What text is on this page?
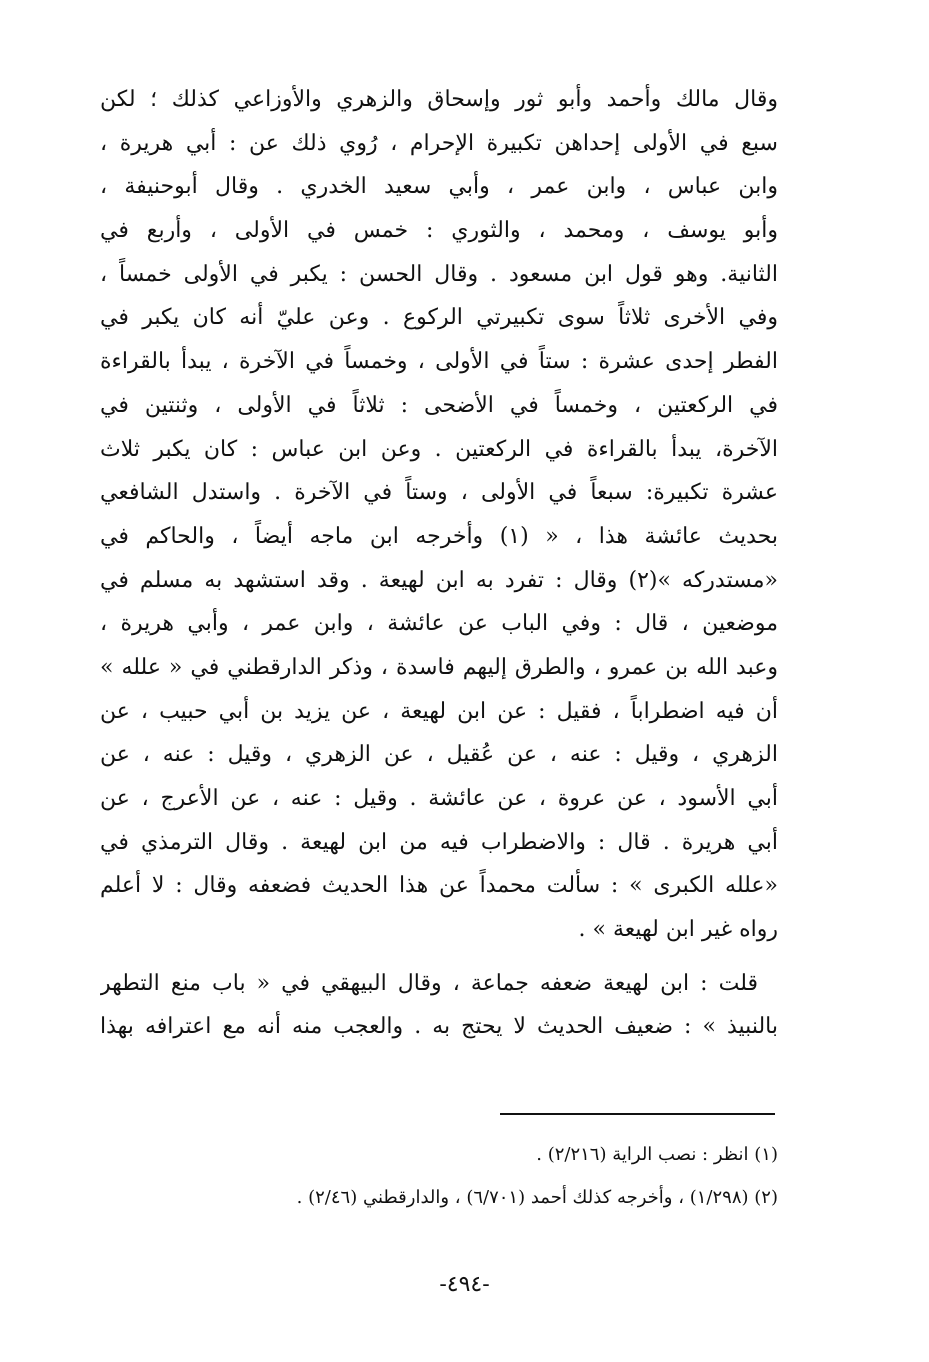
وقال مالك وأحمد وأبو ثور وإسحاق والزهري والأوزاعي كذلك ؛ لكن
سبع في الأولى إحداهن تكبيرة الإحرام ، رُوي ذلك عن : أبي هريرة ،
وابن عباس ، وابن عمر ، وأبي سعيد الخدري . وقال أبوحنيفة ،
وأبو يوسف ، ومحمد ، والثوري : خمس في الأولى ، وأربع في
الثانية. وهو قول ابن مسعود . وقال الحسن : يكبر في الأولى خمساً ،
وفي الأخرى ثلاثاً سوى تكبيرتي الركوع . وعن عليّ أنه كان يكبر في
الفطر إحدى عشرة : ستاً في الأولى ، وخمساً في الآخرة ، يبدأ بالقراءة
في الركعتين ، وخمساً في الأضحى : ثلاثاً في الأولى ، وثنتين في
الآخرة، يبدأ بالقراءة في الركعتين . وعن ابن عباس : كان يكبر ثلاث
عشرة تكبيرة: سبعاً في الأولى ، وستاً في الآخرة . واستدل الشافعي
بحديث عائشة هذا ، « (١) وأخرجه ابن ماجه أيضاً ، والحاكم في
«مستدركه »(٢) وقال : تفرد به ابن لهيعة . وقد استشهد به مسلم في
موضعين ، قال : وفي الباب عن عائشة ، وابن عمر ، وأبي هريرة ،
وعبد الله بن عمرو ، والطرق إليهم فاسدة ، وذكر الدارقطني في « علله »
أن فيه اضطراباً ، فقيل : عن ابن لهيعة ، عن يزيد بن أبي حبيب ، عن
الزهري ، وقيل : عنه ، عن عُقيل ، عن الزهري ، وقيل : عنه ، عن
أبي الأسود ، عن عروة ، عن عائشة . وقيل : عنه ، عن الأعرج ، عن
أبي هريرة . قال : والاضطراب فيه من ابن لهيعة . وقال الترمذي في
«علله الكبرى » : سألت محمداً عن هذا الحديث فضعفه وقال : لا أعلم
رواه غير ابن لهيعة » .
قلت : ابن لهيعة ضعفه جماعة ، وقال البيهقي في « باب منع التطهر
بالنبيذ » : ضعيف الحديث لا يحتج به . والعجب منه أنه مع اعترافه بهذا
(١) انظر : نصب الراية (٢/٢١٦) .
(٢) (١/٢٩٨) ، وأخرجه كذلك أحمد (٦/٧٠١) ، والدارقطني (٢/٤٦) .
-٤٩٤-
